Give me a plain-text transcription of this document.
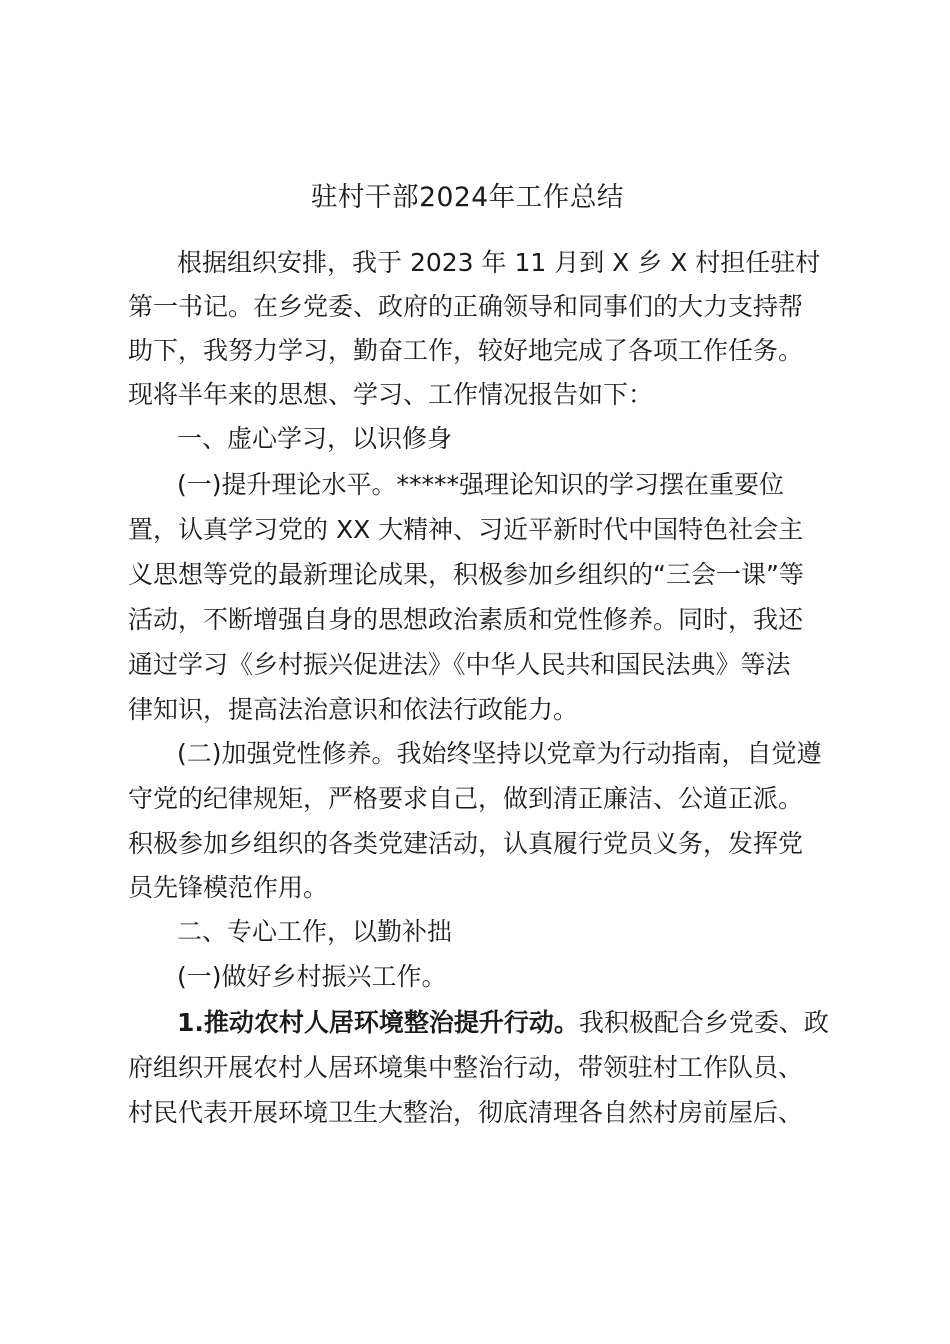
驻村干部2024年工作总结
根据组织安排，我于 2023 年 11 月到 X 乡 X 村担任驻村
第一书记。在乡党委、政府的正确领导和同事们的大力支持帮
助下，我努力学习，勤奋工作，较好地完成了各项工作任务。
现将半年来的思想、学习、工作情况报告如下：
一、虚心学习，以识修身
(一)提升理论水平。*****强理论知识的学习摆在重要位
置，认真学习党的 XX 大精神、习近平新时代中国特色社会主
义思想等党的最新理论成果，积极参加乡组织的“三会一课”等
活动，不断增强自身的思想政治素质和党性修养。同时，我还
通过学习《乡村振兴促进法》《中华人民共和国民法典》等法
律知识，提高法治意识和依法行政能力。
(二)加强党性修养。我始终坚持以党章为行动指南，自觉遵
守党的纪律规矩，严格要求自己，做到清正廉洁、公道正派。
积极参加乡组织的各类党建活动，认真履行党员义务，发挥党
员先锋模范作用。
二、专心工作，以勤补拙
(一)做好乡村振兴工作。
1.推动农村人居环境整治提升行动。我积极配合乡党委、政
府组织开展农村人居环境集中整治行动，带领驻村工作队员、
村民代表开展环境卫生大整治，彻底清理各自然村房前屋后、
